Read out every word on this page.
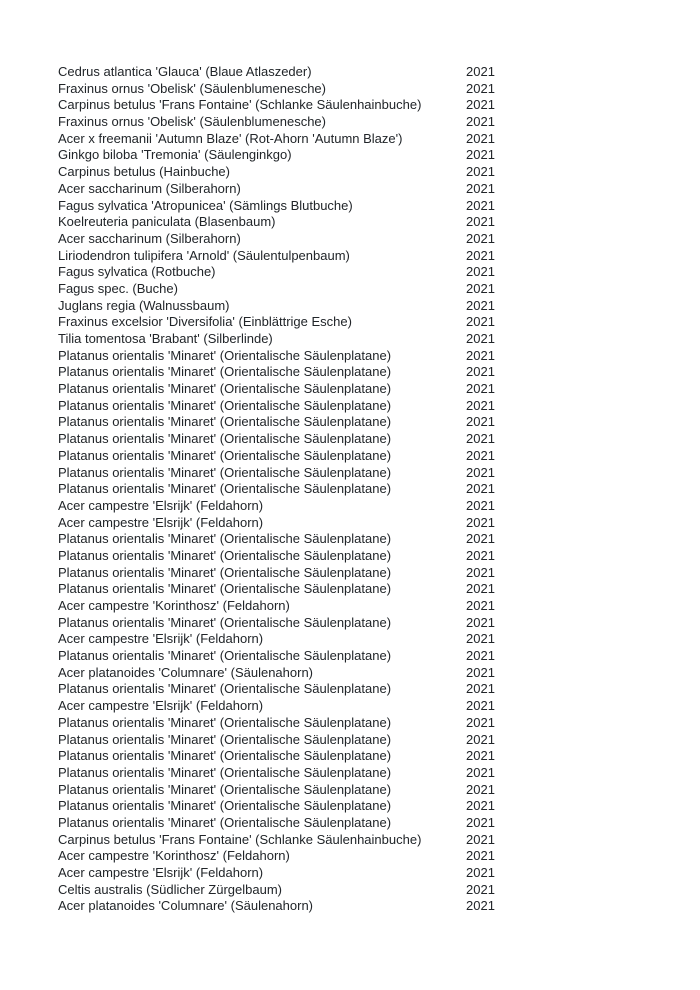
Cedrus atlantica 'Glauca' (Blaue Atlaszeder)	2021
Fraxinus ornus 'Obelisk' (Säulenblumenesche)	2021
Carpinus betulus 'Frans Fontaine' (Schlanke Säulenhainbuche)	2021
Fraxinus ornus 'Obelisk' (Säulenblumenesche)	2021
Acer x freemanii 'Autumn Blaze' (Rot-Ahorn 'Autumn Blaze')	2021
Ginkgo biloba 'Tremonia' (Säulenginkgo)	2021
Carpinus betulus (Hainbuche)	2021
Acer saccharinum (Silberahorn)	2021
Fagus sylvatica 'Atropunicea' (Sämlings Blutbuche)	2021
Koelreuteria paniculata (Blasenbaum)	2021
Acer saccharinum (Silberahorn)	2021
Liriodendron tulipifera 'Arnold' (Säulentulpenbaum)	2021
Fagus sylvatica (Rotbuche)	2021
Fagus spec. (Buche)	2021
Juglans regia (Walnussbaum)	2021
Fraxinus excelsior 'Diversifolia' (Einblättrige Esche)	2021
Tilia tomentosa 'Brabant' (Silberlinde)	2021
Platanus orientalis 'Minaret' (Orientalische Säulenplatane)	2021
Platanus orientalis 'Minaret' (Orientalische Säulenplatane)	2021
Platanus orientalis 'Minaret' (Orientalische Säulenplatane)	2021
Platanus orientalis 'Minaret' (Orientalische Säulenplatane)	2021
Platanus orientalis 'Minaret' (Orientalische Säulenplatane)	2021
Platanus orientalis 'Minaret' (Orientalische Säulenplatane)	2021
Platanus orientalis 'Minaret' (Orientalische Säulenplatane)	2021
Platanus orientalis 'Minaret' (Orientalische Säulenplatane)	2021
Platanus orientalis 'Minaret' (Orientalische Säulenplatane)	2021
Acer campestre 'Elsrijk' (Feldahorn)	2021
Acer campestre 'Elsrijk' (Feldahorn)	2021
Platanus orientalis 'Minaret' (Orientalische Säulenplatane)	2021
Platanus orientalis 'Minaret' (Orientalische Säulenplatane)	2021
Platanus orientalis 'Minaret' (Orientalische Säulenplatane)	2021
Platanus orientalis 'Minaret' (Orientalische Säulenplatane)	2021
Acer campestre 'Korinthosz' (Feldahorn)	2021
Platanus orientalis 'Minaret' (Orientalische Säulenplatane)	2021
Acer campestre 'Elsrijk' (Feldahorn)	2021
Platanus orientalis 'Minaret' (Orientalische Säulenplatane)	2021
Acer platanoides 'Columnare' (Säulenahorn)	2021
Platanus orientalis 'Minaret' (Orientalische Säulenplatane)	2021
Acer campestre 'Elsrijk' (Feldahorn)	2021
Platanus orientalis 'Minaret' (Orientalische Säulenplatane)	2021
Platanus orientalis 'Minaret' (Orientalische Säulenplatane)	2021
Platanus orientalis 'Minaret' (Orientalische Säulenplatane)	2021
Platanus orientalis 'Minaret' (Orientalische Säulenplatane)	2021
Platanus orientalis 'Minaret' (Orientalische Säulenplatane)	2021
Platanus orientalis 'Minaret' (Orientalische Säulenplatane)	2021
Platanus orientalis 'Minaret' (Orientalische Säulenplatane)	2021
Carpinus betulus 'Frans Fontaine' (Schlanke Säulenhainbuche)	2021
Acer campestre 'Korinthosz' (Feldahorn)	2021
Acer campestre 'Elsrijk' (Feldahorn)	2021
Celtis australis (Südlicher Zürgelbaum)	2021
Acer platanoides 'Columnare' (Säulenahorn)	2021
